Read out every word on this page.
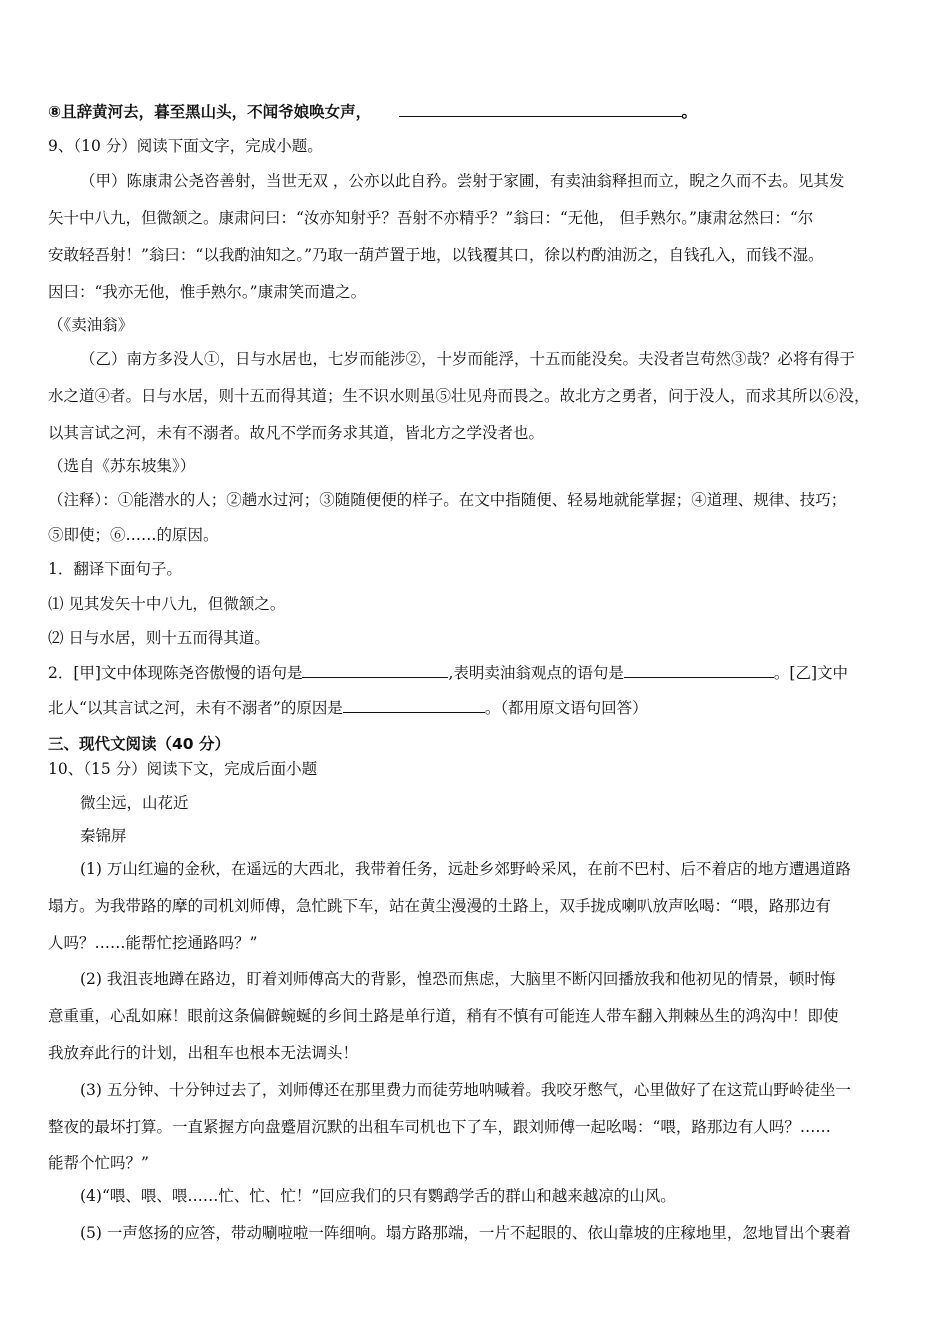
⑧且辞黄河去，暮至黑山头，不闻爷娘唤女声，	。
9、（10 分）阅读下面文字，完成小题。
（甲）陈康肃公尧咨善射，当世无双 ，公亦以此自矜。尝射于家圃，有卖油翁释担而立，睨之久而不去。见其发
矢十中八九，但微颔之。康肃问曰：“汝亦知射乎？吾射不亦精乎？”翁曰：“无他， 但手熟尔。”康肃忿然曰：“尔
安敢轻吾射！”翁曰：“以我酌油知之。”乃取一葫芦置于地，以钱覆其口，徐以杓酌油沥之，自钱孔入，而钱不湿。
因曰：“我亦无他，惟手熟尔。”康肃笑而遣之。
（《卖油翁》
（乙）南方多没人①，日与水居也，七岁而能涉②，十岁而能浮，十五而能没矣。夫没者岂苟然③哉？必将有得于
水之道④者。日与水居，则十五而得其道；生不识水则虽⑤壮见舟而畏之。故北方之勇者，问于没人，而求其所以⑥没，
以其言试之河，未有不溺者。故凡不学而务求其道，皆北方之学没者也。
（选自《苏东坡集》）
（注释）：①能潜水的人；②趟水过河；③随随便便的样子。在文中指随便、轻易地就能掌握；④道理、规律、技巧；
⑤即使；⑥……的原因。
1．翻译下面句子。
⑴ 见其发矢十中八九，但微颔之。
⑵ 日与水居，则十五而得其道。
2．[甲]文中体现陈尧咨傲慢的语句是	,表明卖油翁观点的语句是	。[乙]文中
北人“以其言试之河，未有不溺者”的原因是	。（都用原文语句回答）
三、现代文阅读（40 分）
10、（15 分）阅读下文，完成后面小题
微尘远，山花近
秦锦屏
(1) 万山红遍的金秋，在遥远的大西北，我带着任务，远赴乡郊野岭采风，在前不巴村、后不着店的地方遭遇道路
塌方。为我带路的摩的司机刘师傅，急忙跳下车，站在黄尘漫漫的土路上，双手拢成喇叭放声吆喝：“喂，路那边有
人吗？……能帮忙挖通路吗？”
(2) 我沮丧地蹲在路边，盯着刘师傅高大的背影，惶恐而焦虑，大脑里不断闪回播放我和他初见的情景，顿时悔
意重重，心乱如麻！眼前这条偏僻蜿蜒的乡间土路是单行道，稍有不慎有可能连人带车翻入荆棘丛生的鸿沟中！即使
我放弃此行的计划，出租车也根本无法调头！
(3) 五分钟、十分钟过去了，刘师傅还在那里费力而徒劳地呐喊着。我咬牙憋气，心里做好了在这荒山野岭徒坐一
整夜的最坏打算。一直紧握方向盘蹙眉沉默的出租车司机也下了车，跟刘师傅一起吆喝：“喂，路那边有人吗？……
能帮个忙吗？”
(4)“喂、喂、喂……忙、忙、忙！”回应我们的只有鹦鹉学舌的群山和越来越凉的山风。
(5) 一声悠扬的应答，带动唰啦啦一阵细响。塌方路那端，一片不起眼的、依山靠坡的庄稼地里，忽地冒出个裹着
